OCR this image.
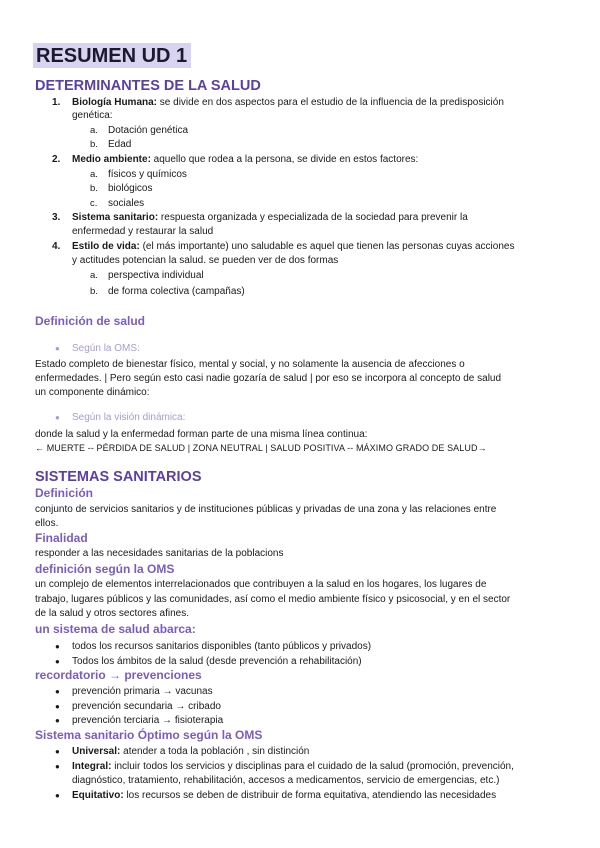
RESUMEN UD 1
DETERMINANTES DE LA SALUD
1. Biología Humana: se divide en dos aspectos para el estudio de la influencia de la predisposición

genética:

a. Dotación genética

b. Edad

2. Medio ambiente: aquello que rodea a la persona, se divide en estos factores:

a. físicos y químicos

b. biológicos

c. sociales

3. Sistema sanitario: respuesta organizada y especializada de la sociedad para prevenir la

enfermedad y restaurar la salud

4. Estilo de vida: (el más importante) uno saludable es aquel que tienen las personas cuyas acciones

y actitudes potencian la salud. se pueden ver de dos formas

a. perspectiva individual

b. de forma colectiva (campañas)

Definición de salud
● Según la OMS:

Estado completo de bienestar físico, mental y social, y no solamente la ausencia de afecciones o

enfermedades. | Pero según esto casi nadie gozaría de salud | por eso se incorpora al concepto de salud

un componente dinámico:

● Según la visión dinámica:

donde la salud y la enfermedad forman parte de una misma línea continua:

← MUERTE -- PÉRDIDA DE SALUD | ZONA NEUTRAL | SALUD POSITIVA -- MÁXIMO GRADO DE SALUD→

SISTEMAS SANITARIOS
Definición

conjunto de servicios sanitarios y de instituciones públicas y privadas de una zona y las relaciones entre

ellos.

Finalidad

responder a las necesidades sanitarias de la poblacions

definición según la OMS

un complejo de elementos interrelacionados que contribuyen a la salud en los hogares, los lugares de

trabajo, lugares públicos y las comunidades, así como el medio ambiente físico y psicosocial, y en el sector

de la salud y otros sectores afines.

un sistema de salud abarca:
● todos los recursos sanitarios disponibles (tanto públicos y privados)

● Todos los ámbitos de la salud (desde prevención a rehabilitación)

recordatorio → prevenciones
● prevención primaria → vacunas

● prevención secundaria → cribado

● prevención terciaria → fisioterapia

Sistema sanitario Óptimo según la OMS
● Universal: atender a toda la población , sin distinción

● Integral: incluir todos los servicios y disciplinas para el cuidado de la salud (promoción, prevención,

diagnóstico, tratamiento, rehabilitación, accesos a medicamentos, servicio de emergencias, etc.)

● Equitativo: los recursos se deben de distribuir de forma equitativa, atendiendo las necesidades
